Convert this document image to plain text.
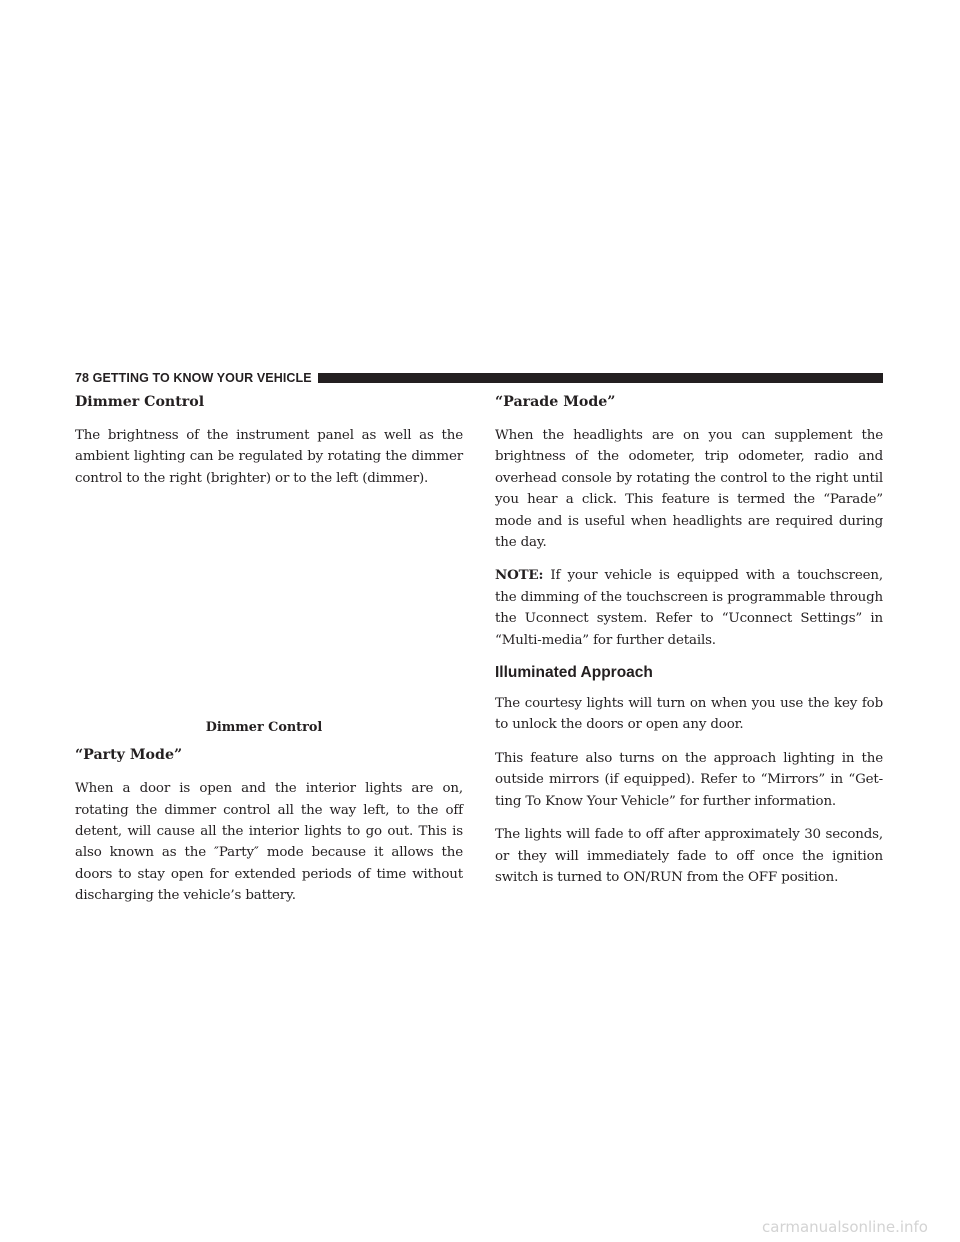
78 GETTING TO KNOW YOUR VEHICLE
Dimmer Control

The brightness of the instrument panel as well as the ambient lighting can be regulated by rotating the dimmer control to the right (brighter) or to the left (dimmer).

Dimmer Control
“Party Mode”

When a door is open and the interior lights are on, rotating the dimmer control all the way left, to the off detent, will cause all the interior lights to go out. This is also known as the ″Party″ mode because it allows the doors to stay open for extended periods of time without discharging the vehicle’s battery.

“Parade Mode”

When the headlights are on you can supplement the brightness of the odometer, trip odometer, radio and overhead console by rotating the control to the right until you hear a click. This feature is termed the “Parade” mode and is useful when headlights are required during the day.

NOTE: If your vehicle is equipped with a touchscreen, the dimming of the touchscreen is programmable through the Uconnect system. Refer to “Uconnect Settings” in “Multi-media” for further details.

Illuminated Approach

The courtesy lights will turn on when you use the key fob to unlock the doors or open any door.

This feature also turns on the approach lighting in the outside mirrors (if equipped). Refer to “Mirrors” in “Get-ting To Know Your Vehicle” for further information.

The lights will fade to off after approximately 30 seconds, or they will immediately fade to off once the ignition switch is turned to ON/RUN from the OFF position.

carmanualsonline.info
